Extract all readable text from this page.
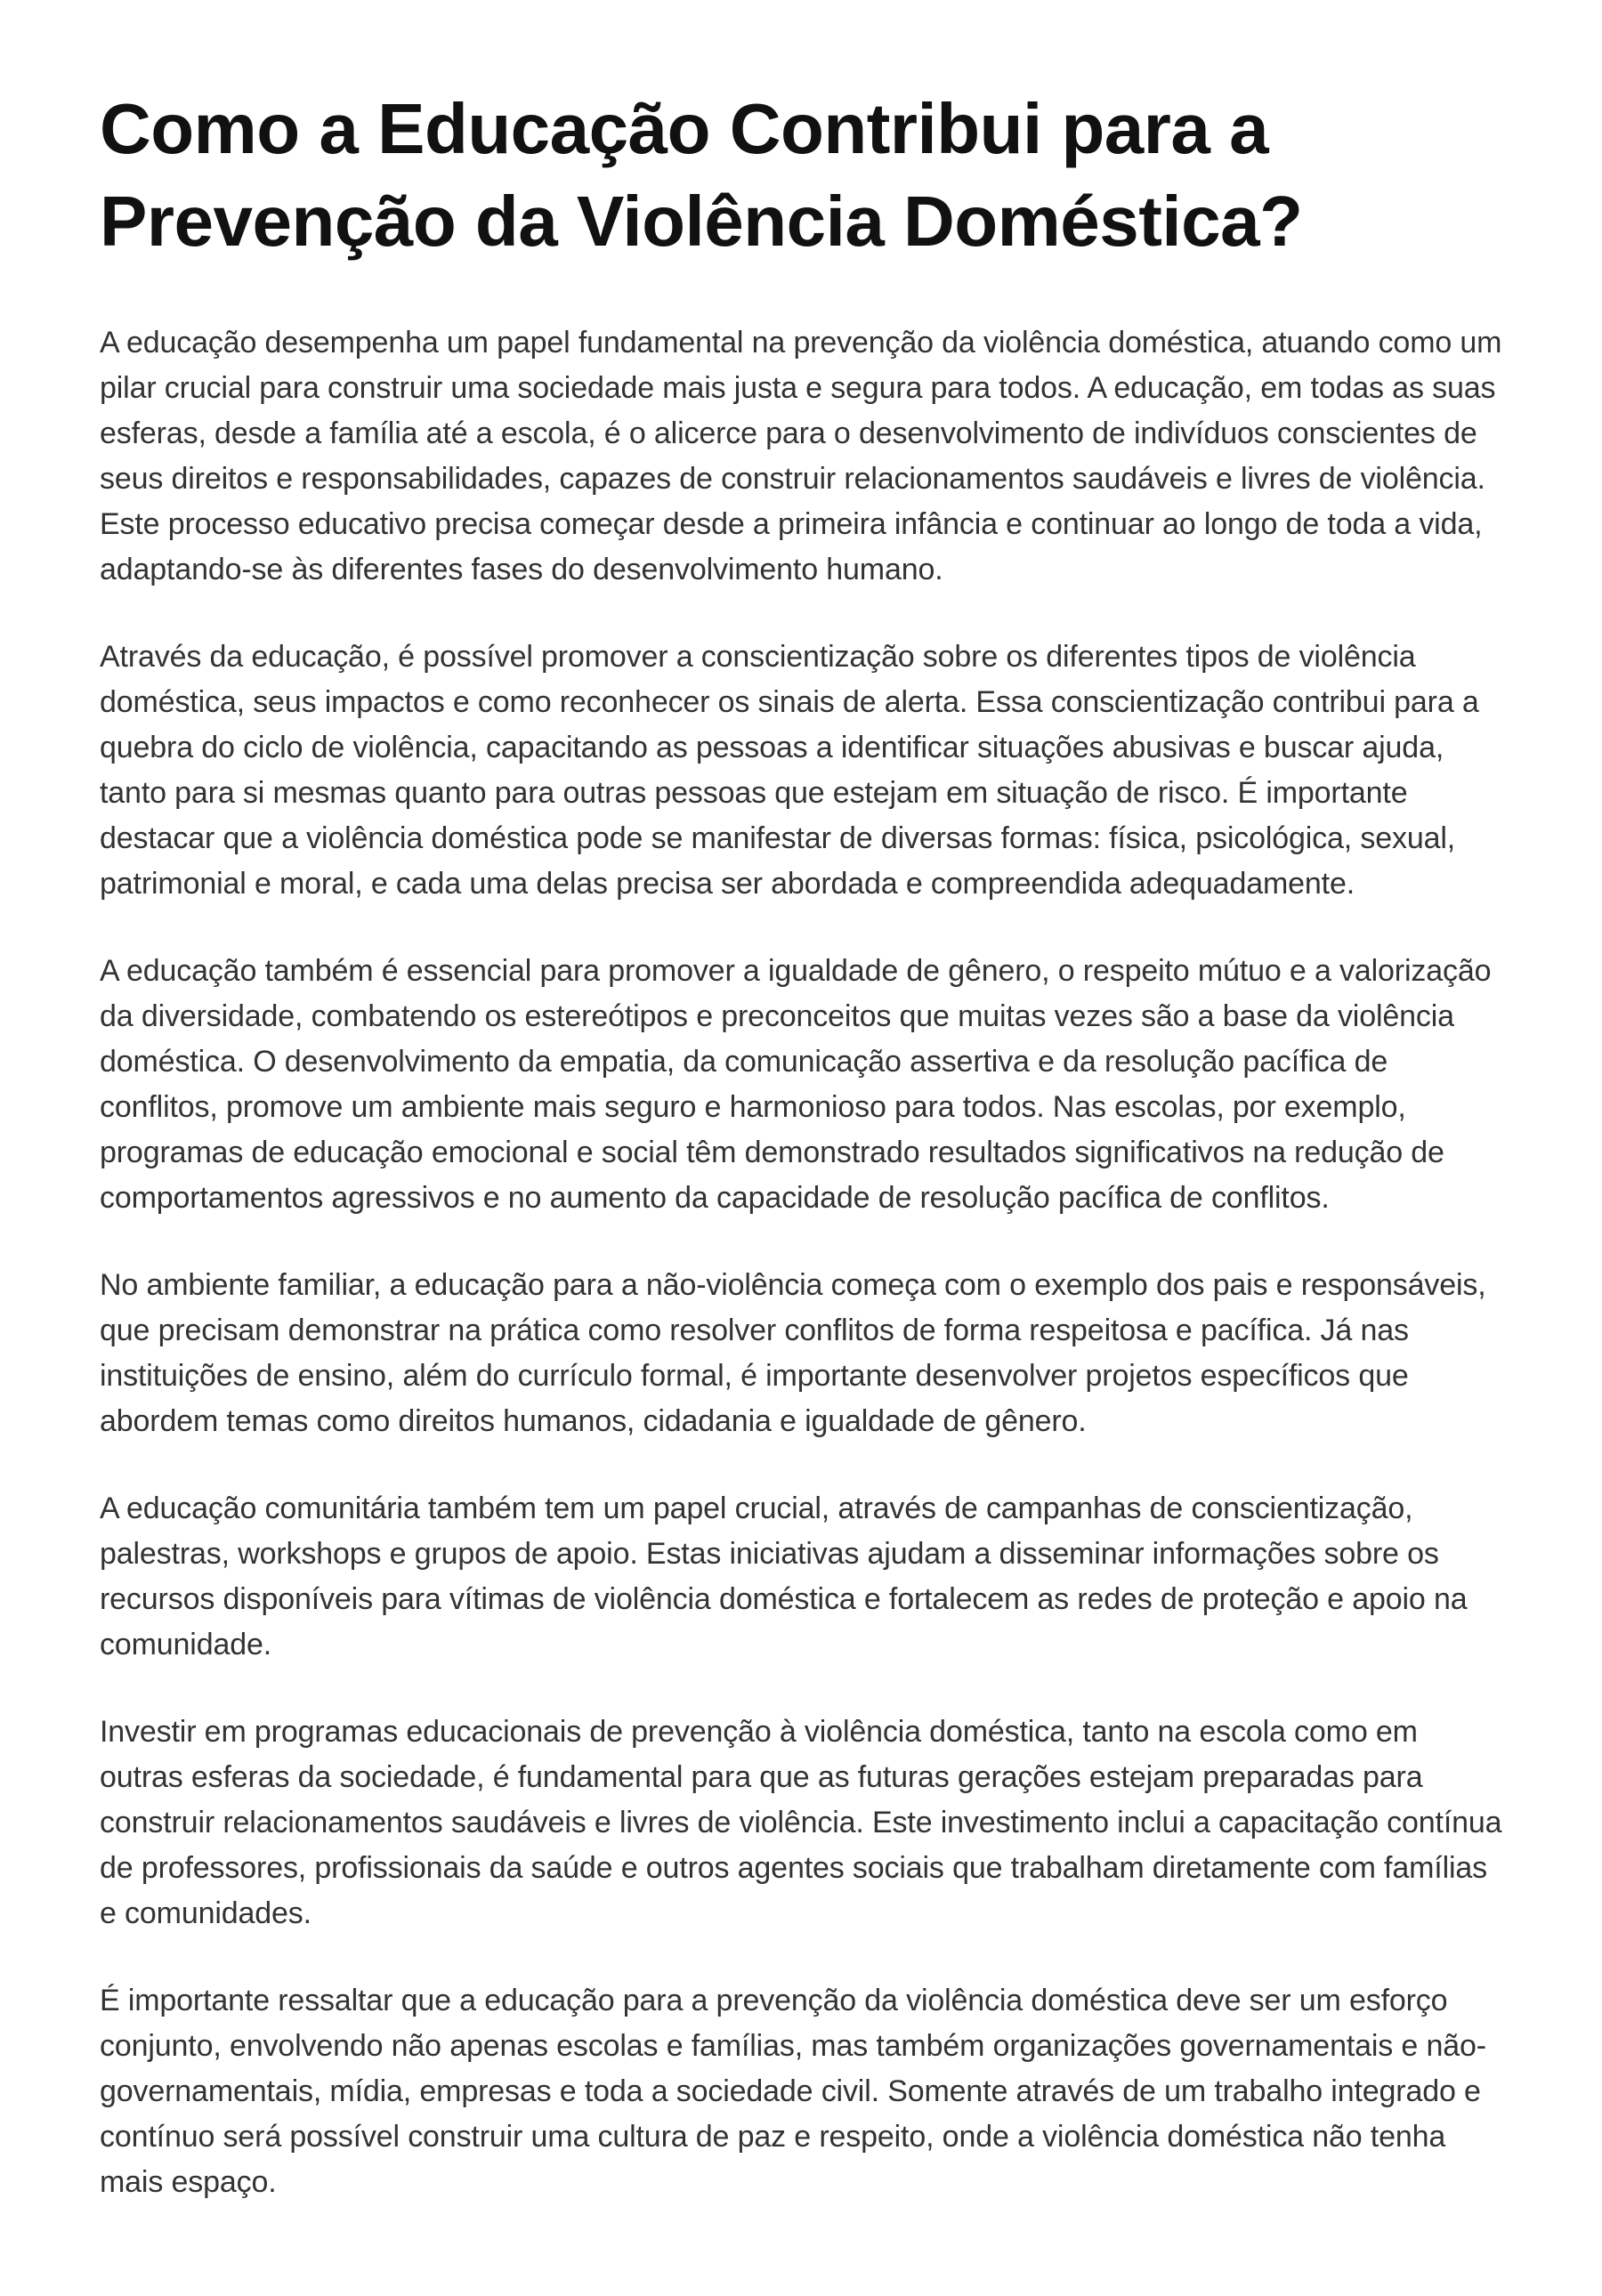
Como a Educação Contribui para a Prevenção da Violência Doméstica?

A educação desempenha um papel fundamental na prevenção da violência doméstica, atuando como um pilar crucial para construir uma sociedade mais justa e segura para todos. A educação, em todas as suas esferas, desde a família até a escola, é o alicerce para o desenvolvimento de indivíduos conscientes de seus direitos e responsabilidades, capazes de construir relacionamentos saudáveis e livres de violência. Este processo educativo precisa começar desde a primeira infância e continuar ao longo de toda a vida, adaptando-se às diferentes fases do desenvolvimento humano.

Através da educação, é possível promover a conscientização sobre os diferentes tipos de violência doméstica, seus impactos e como reconhecer os sinais de alerta. Essa conscientização contribui para a quebra do ciclo de violência, capacitando as pessoas a identificar situações abusivas e buscar ajuda, tanto para si mesmas quanto para outras pessoas que estejam em situação de risco. É importante destacar que a violência doméstica pode se manifestar de diversas formas: física, psicológica, sexual, patrimonial e moral, e cada uma delas precisa ser abordada e compreendida adequadamente.

A educação também é essencial para promover a igualdade de gênero, o respeito mútuo e a valorização da diversidade, combatendo os estereótipos e preconceitos que muitas vezes são a base da violência doméstica. O desenvolvimento da empatia, da comunicação assertiva e da resolução pacífica de conflitos, promove um ambiente mais seguro e harmonioso para todos. Nas escolas, por exemplo, programas de educação emocional e social têm demonstrado resultados significativos na redução de comportamentos agressivos e no aumento da capacidade de resolução pacífica de conflitos.

No ambiente familiar, a educação para a não-violência começa com o exemplo dos pais e responsáveis, que precisam demonstrar na prática como resolver conflitos de forma respeitosa e pacífica. Já nas instituições de ensino, além do currículo formal, é importante desenvolver projetos específicos que abordem temas como direitos humanos, cidadania e igualdade de gênero.

A educação comunitária também tem um papel crucial, através de campanhas de conscientização, palestras, workshops e grupos de apoio. Estas iniciativas ajudam a disseminar informações sobre os recursos disponíveis para vítimas de violência doméstica e fortalecem as redes de proteção e apoio na comunidade.

Investir em programas educacionais de prevenção à violência doméstica, tanto na escola como em outras esferas da sociedade, é fundamental para que as futuras gerações estejam preparadas para construir relacionamentos saudáveis e livres de violência. Este investimento inclui a capacitação contínua de professores, profissionais da saúde e outros agentes sociais que trabalham diretamente com famílias e comunidades.

É importante ressaltar que a educação para a prevenção da violência doméstica deve ser um esforço conjunto, envolvendo não apenas escolas e famílias, mas também organizações governamentais e não-governamentais, mídia, empresas e toda a sociedade civil. Somente através de um trabalho integrado e contínuo será possível construir uma cultura de paz e respeito, onde a violência doméstica não tenha mais espaço.
